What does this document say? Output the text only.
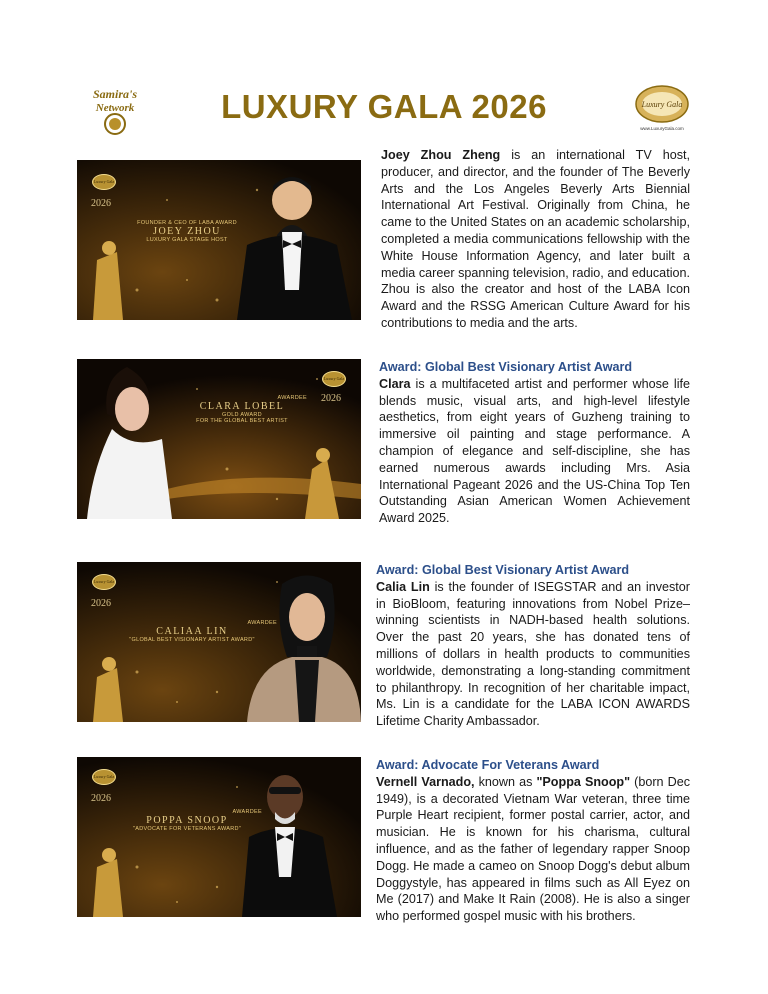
Samira's
Network	LUXURY GALA 2026	Luxury Gala
www.LuxuryGala.com
Luxury Gala
2026
FOUNDER & CEO OF LABA AWARD
JOEY ZHOU
LUXURY GALA STAGE HOST
Joey Zhou Zheng is an international TV host, producer, and director, and the founder of The Beverly Arts and the Los Angeles Beverly Arts Biennial International Art Festival. Originally from China, he came to the United States on an academic scholarship, completed a media communications fellowship with the White House Information Agency, and later built a media career spanning television, radio, and education. Zhou is also the creator and host of the LABA Icon Award and the RSSG American Culture Award for his contributions to media and the arts.
Luxury Gala
2026
AWARDEE
CLARA LOBEL
GOLD AWARD
FOR THE GLOBAL BEST ARTIST
Award: Global Best Visionary Artist Award
Clara is a multifaceted artist and performer whose life blends music, visual arts, and high-level lifestyle aesthetics, from eight years of Guzheng training to immersive oil painting and stage performance. A champion of elegance and self-discipline, she has earned numerous awards including Mrs. Asia International Pageant 2026 and the US-China Top Ten Outstanding Asian American Women Achievement Award 2025.
Luxury Gala
2026
AWARDEE
CALIAA LIN
"GLOBAL BEST VISIONARY ARTIST AWARD"
Award: Global Best Visionary Artist Award
Calia Lin is the founder of ISEGSTAR and an investor in BioBloom, featuring innovations from Nobel Prize–winning scientists in NADH-based health solutions. Over the past 20 years, she has donated tens of millions of dollars in health products to communities worldwide, demonstrating a long-standing commitment to philanthropy. In recognition of her charitable impact, Ms. Lin is a candidate for the LABA ICON AWARDS Lifetime Charity Ambassador.
Luxury Gala
2026
AWARDEE
POPPA SNOOP
"ADVOCATE FOR VETERANS AWARD"
Award: Advocate For Veterans Award
Vernell Varnado, known as "Poppa Snoop" (born Dec 1949), is a decorated Vietnam War veteran, three time Purple Heart recipient, former postal carrier, actor, and musician. He is known for his charisma, cultural influence, and as the father of legendary rapper Snoop Dogg. He made a cameo on Snoop Dogg's debut album Doggystyle, has appeared in films such as All Eyez on Me (2017) and Make It Rain (2008). He is also a singer who performed gospel music with his brothers.
